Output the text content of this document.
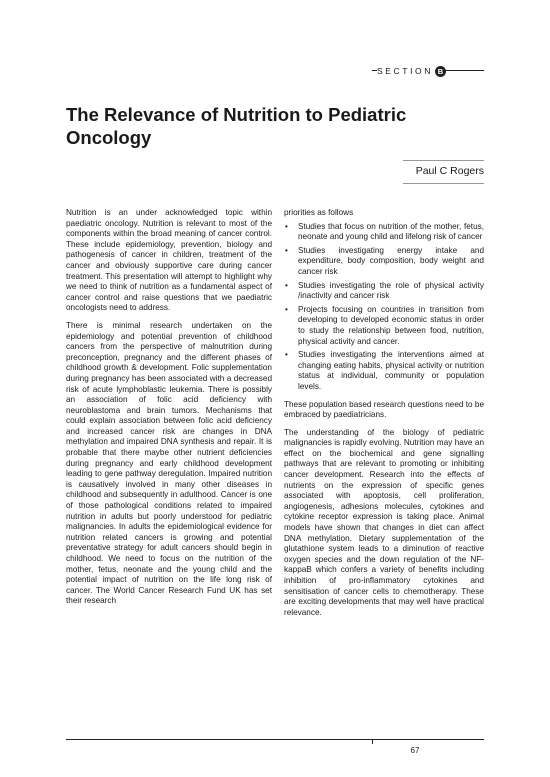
SECTION B
The Relevance of Nutrition to Pediatric Oncology
Paul C Rogers

Nutrition is an under acknowledged topic within paediatric oncology. Nutrition is relevant to most of the components within the broad meaning of cancer control. These include epidemiology, prevention, biology and pathogenesis of cancer in children, treatment of the cancer and obviously supportive care during cancer treatment. This presentation will attempt to highlight why we need to think of nutrition as a fundamental aspect of cancer control and raise questions that we paediatric oncologists need to address.

There is minimal research undertaken on the epidemiology and potential prevention of childhood cancers from the perspective of malnutrition during preconception, pregnancy and the different phases of childhood growth & development. Folic supplementation during pregnancy has been associated with a decreased risk of acute lymphoblastic leukemia. There is possibly an association of folic acid deficiency with neuroblastoma and brain tumors. Mechanisms that could explain association between folic acid deficiency and increased cancer risk are changes in DNA methylation and impaired DNA synthesis and repair. It is probable that there maybe other nutrient deficiencies during pregnancy and early childhood development leading to gene pathway deregulation. Impaired nutrition is causatively involved in many other diseases in childhood and subsequently in adulthood. Cancer is one of those pathological conditions related to impaired nutrition in adults but poorly understood for pediatric malignancies. In adults the epidemiological evidence for nutrition related cancers is growing and potential preventative strategy for adult cancers should begin in childhood. We need to focus on the nutrition of the mother, fetus, neonate and the young child and the potential impact of nutrition on the life long risk of cancer. The World Cancer Research Fund UK has set their research

priorities as follows

• Studies that focus on nutrition of the mother, fetus, neonate and young child and lifelong risk of cancer
• Studies investigating energy intake and expenditure, body composition, body weight and cancer risk
• Studies investigating the role of physical activity /inactivity and cancer risk
• Projects focusing on countries in transition from developing to developed economic status in order to study the relationship between food, nutrition, physical activity and cancer.
• Studies investigating the interventions aimed at changing eating habits, physical activity or nutrition status at individual, community or population levels.

These population based research questions need to be embraced by paediatricians.

The understanding of the biology of pediatric malignancies is rapidly evolving. Nutrition may have an effect on the biochemical and gene signalling pathways that are relevant to promoting or inhibiting cancer development. Research into the effects of nutrients on the expression of specific genes associated with apoptosis, cell proliferation, angiogenesis, adhesions molecules, cytokines and cytokine receptor expression is taking place. Animal models have shown that changes in diet can affect DNA methylation. Dietary supplementation of the glutathione system leads to a diminution of reactive oxygen species and the down regulation of the NF-kappaB which confers a variety of benefits including inhibition of pro-inflammatory cytokines and sensitisation of cancer cells to chemotherapy. These are exciting developments that may well have practical relevance.

67
